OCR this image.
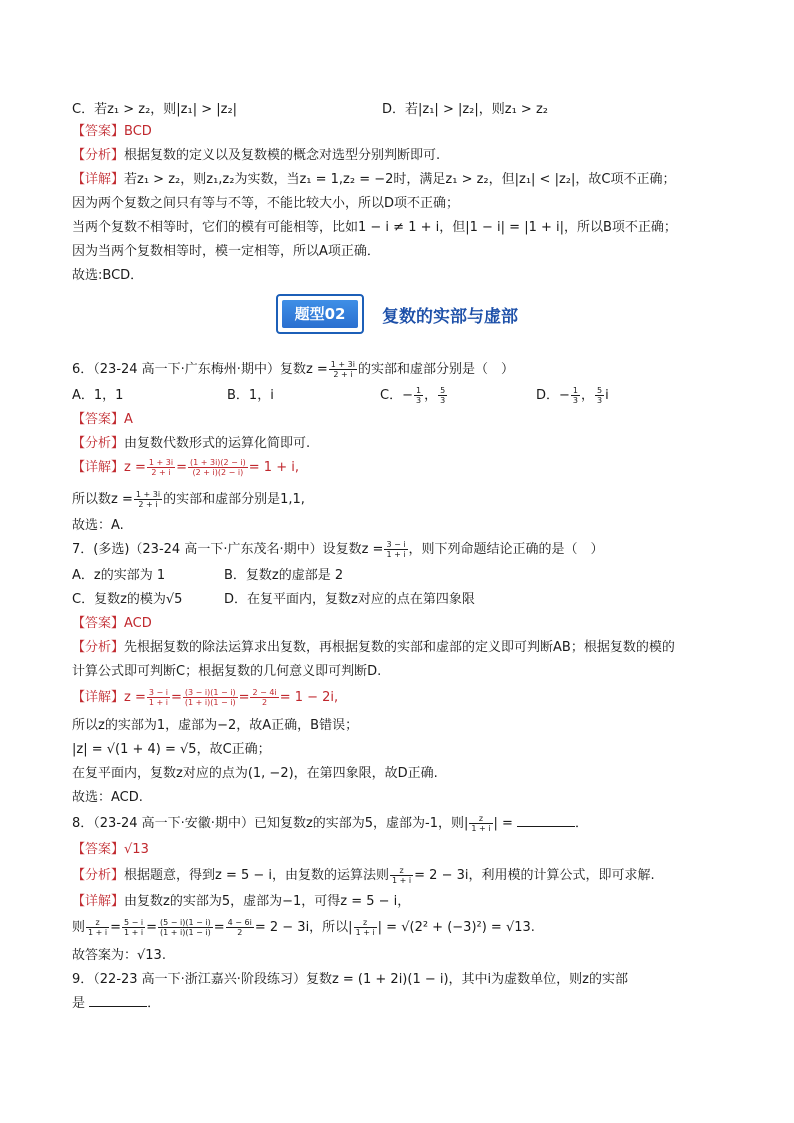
C．若z₁ > z₂，则|z₁| > |z₂|	D．若|z₁| > |z₂|，则z₁ > z₂
【答案】BCD
【分析】根据复数的定义以及复数模的概念对选型分别判断即可.
【详解】若z₁ > z₂，则z₁,z₂为实数，当z₁ = 1,z₂ = −2时，满足z₁ > z₂，但|z₁| < |z₂|，故C项不正确；
因为两个复数之间只有等与不等，不能比较大小，所以D项不正确；
当两个复数不相等时，它们的模有可能相等，比如1 − i ≠ 1 + i，但|1 − i| = |1 + i|，所以B项不正确；
因为当两个复数相等时，模一定相等，所以A项正确．
故选:BCD．
题型02	复数的实部与虚部
6．（23-24 高一下·广东梅州·期中）复数$z = \frac{1 + 3i}{2 + i}$ 的实部和虚部分别是（　）
A．1，1	B．1，i	C．− $\frac{1}{3}$ ， $\frac{5}{3}$	D．− $\frac{1}{3}$ ， $\frac{5}{3}$ i
【答案】A
【分析】由复数代数形式的运算化简即可.
【详解】$z = \frac{1 + 3i}{2 + i} = \frac{(1 + 3i)(2 - i)}{(2 + i)(2 - i)} = 1 + i$,
所以数$z = \frac{1 + 3i}{2 + i}$ 的实部和虚部分别是1,1,
故选：A.
7．(多选)（23-24 高一下·广东茂名·期中）设复数$z = \frac{3 - i}{1 + i}$ ，则下列命题结论正确的是（　）
A．z的实部为 1	B．复数z的虚部是 2
C．复数z的模为√5	D．在复平面内，复数z对应的点在第四象限
【答案】ACD
【分析】先根据复数的除法运算求出复数，再根据复数的实部和虚部的定义即可判断AB；根据复数的模的
计算公式即可判断C；根据复数的几何意义即可判断D.
【详解】$z = \frac{3 - i}{1 + i} = \frac{(3 - i)(1 - i)}{(1 + i)(1 - i)} = \frac{2 - 4i}{2} = 1 - 2i$,
所以z的实部为1，虚部为−2，故A正确，B错误；
|z| = √(1 + 4) = √5，故C正确；
在复平面内，复数z对应的点为(1, −2)，在第四象限，故D正确.
故选：ACD.
8．（23-24 高一下·安徽·期中）已知复数z的实部为5，虚部为-1，则| $\frac{z}{1 + i}$ | =	．
【答案】√13
【分析】根据题意，得到z = 5 − i，由复数的运算法则 $\frac{z}{1 + i} = 2 - 3i$，利用模的计算公式，即可求解.
【详解】由复数z的实部为5，虚部为−1，可得z = 5 − i，
则 $\frac{z}{1 + i} = \frac{5 - i}{1 + i} = \frac{(5 - i)(1 - i)}{(1 + i)(1 - i)} = \frac{4 - 6i}{2} = 2 - 3i$，所以| $\frac{z}{1 + i}$ | = √(2² + (−3)²) = √13.
故答案为：√13.
9．（22-23 高一下·浙江嘉兴·阶段练习）复数z = (1 + 2i)(1 − i)，其中i为虚数单位，则z的实部
是	．
